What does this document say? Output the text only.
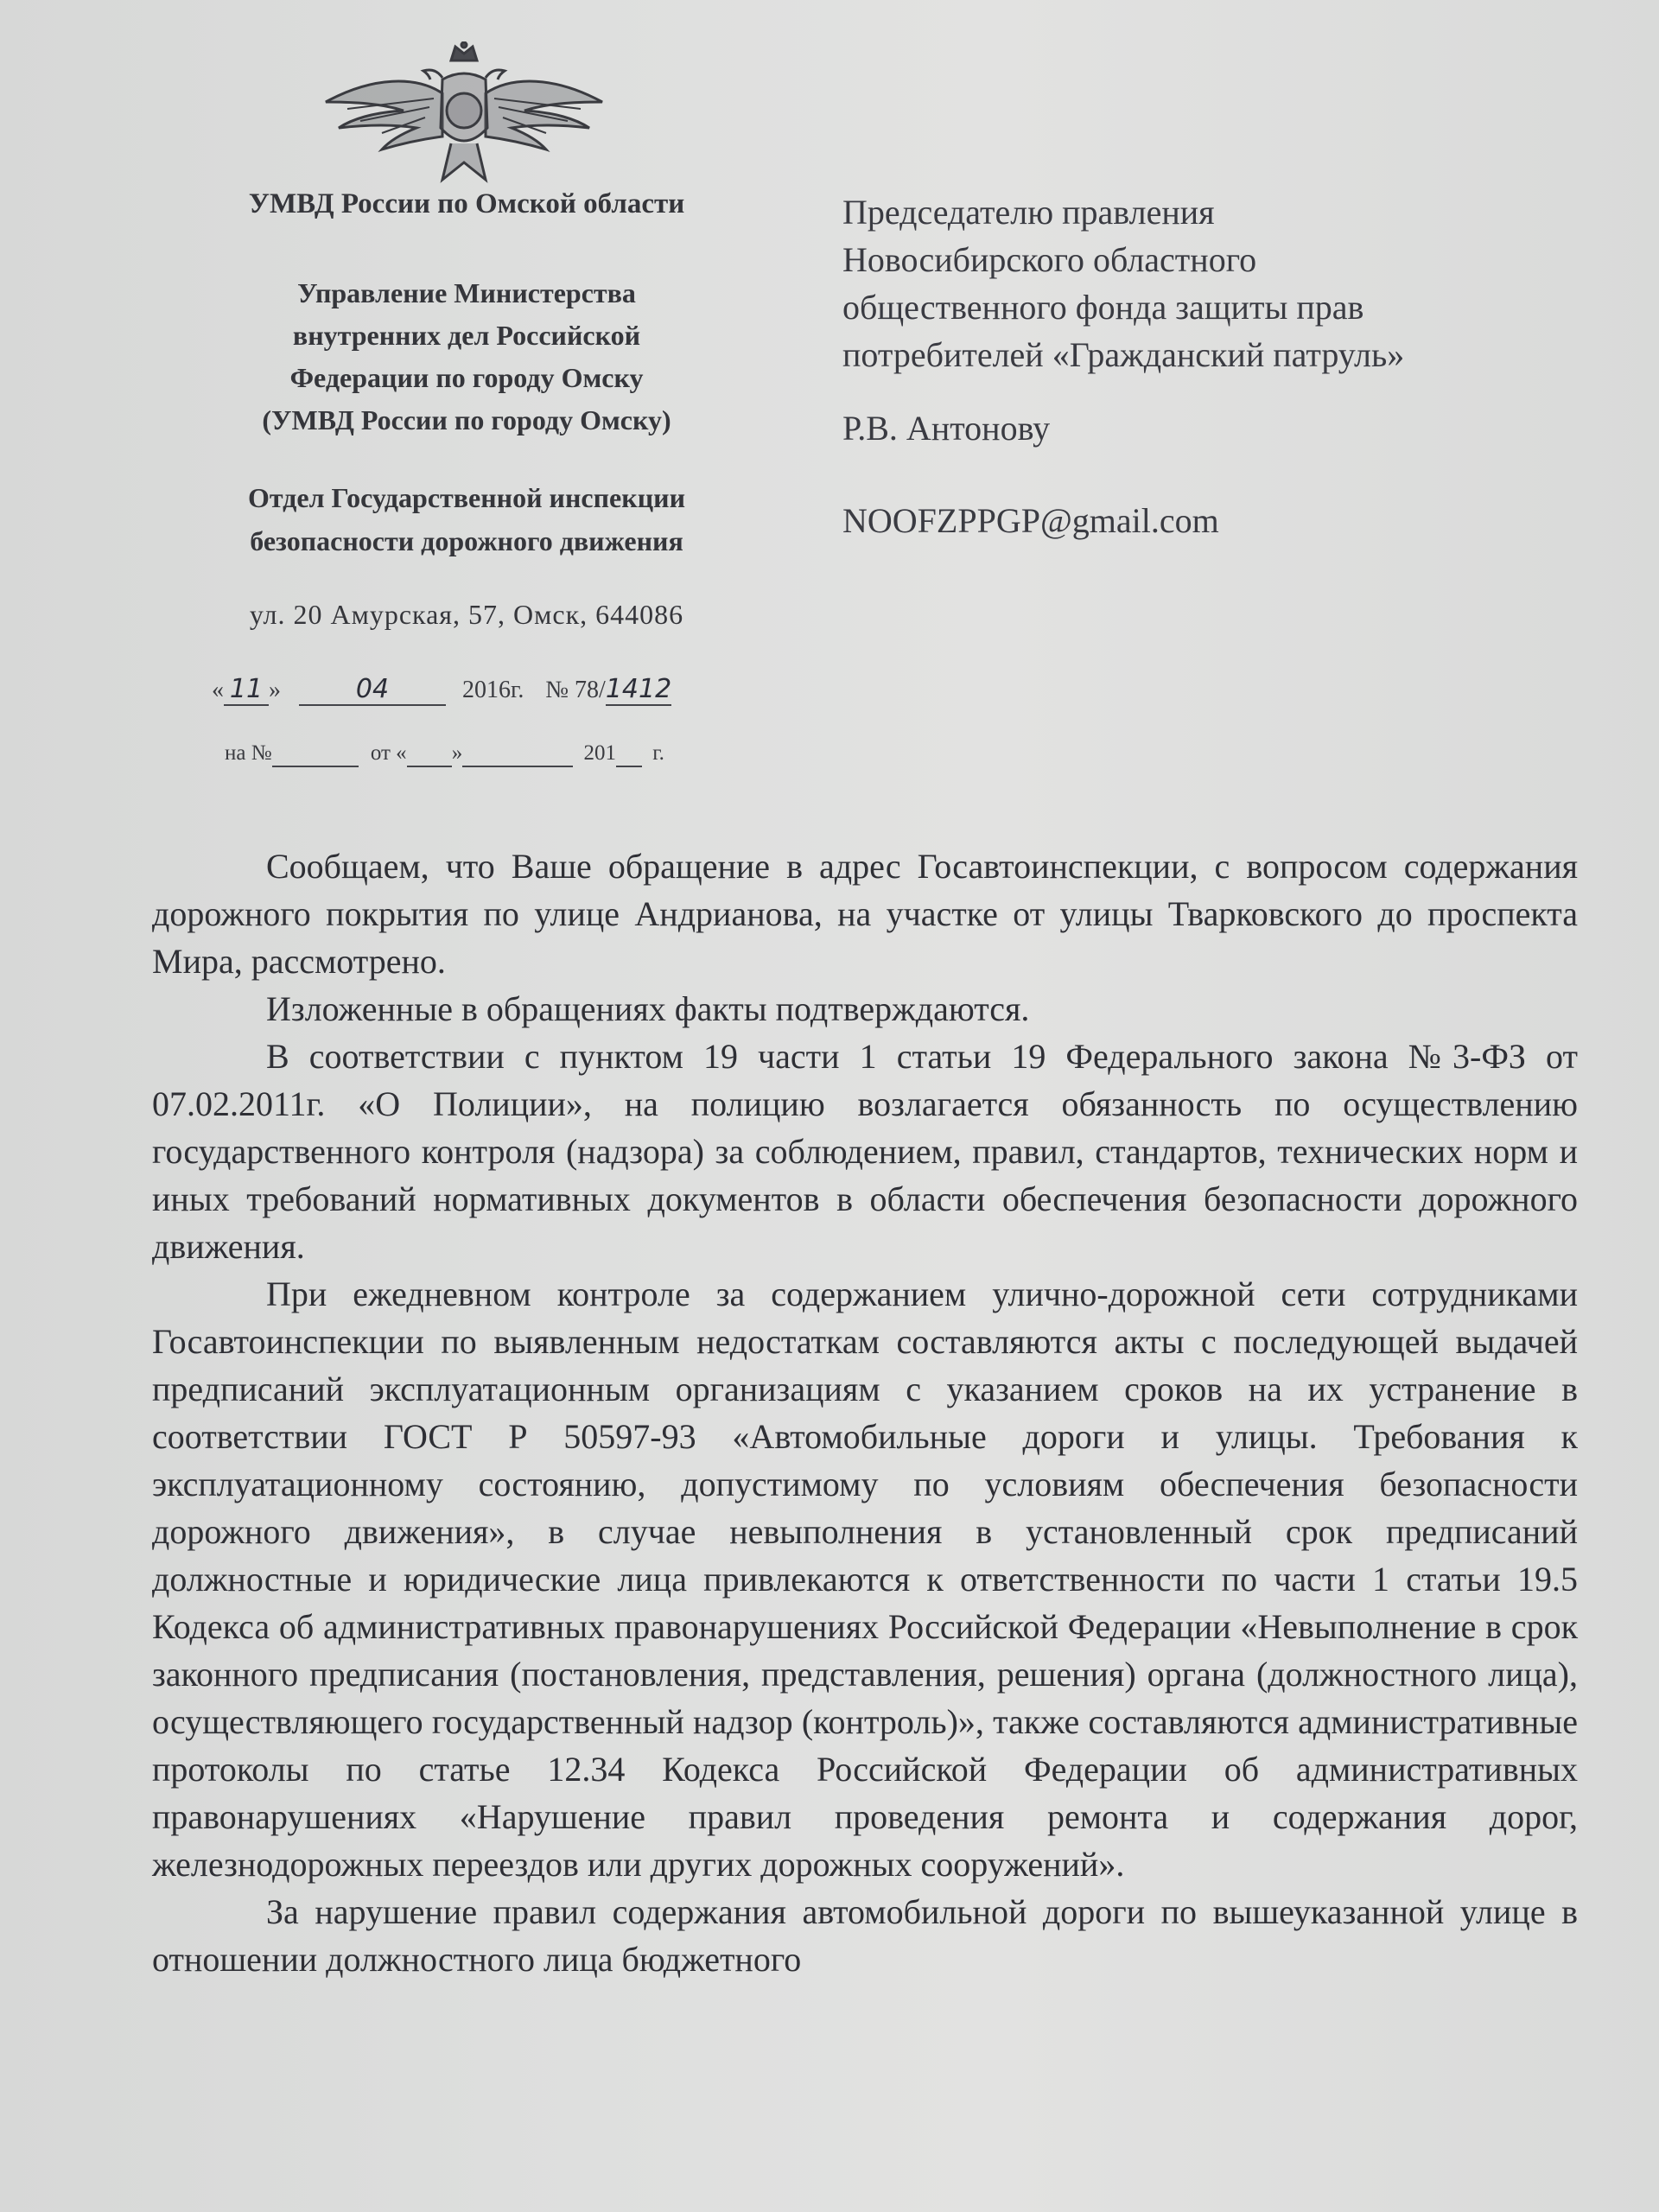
УМВД России по Омской области
Управление Министерства
внутренних дел Российской
Федерации по городу Омску
(УМВД России по городу Омску)
Отдел Государственной инспекции
безопасности дорожного движения
ул. 20 Амурская, 57, Омск, 644086
« 11 »	04	2016г. № 78/1412
на №	от « »	201 г.
Председателю правления
Новосибирского областного
общественного фонда защиты прав
потребителей «Гражданский патруль»
Р.В. Антонову
NOOFZPPGP@gmail.com

Сообщаем, что Ваше обращение в адрес Госавтоинспекции, с вопросом содержания дорожного покрытия по улице Андрианова, на участке от улицы Тварковского до проспекта Мира, рассмотрено.

Изложенные в обращениях факты подтверждаются.

В соответствии с пунктом 19 части 1 статьи 19 Федерального закона №3-ФЗ от 07.02.2011г. «О Полиции», на полицию возлагается обязанность по осуществлению государственного контроля (надзора) за соблюдением, правил, стандартов, технических норм и иных требований нормативных документов в области обеспечения безопасности дорожного движения.

При ежедневном контроле за содержанием улично-дорожной сети сотрудниками Госавтоинспекции по выявленным недостаткам составляются акты с последующей выдачей предписаний эксплуатационным организациям с указанием сроков на их устранение в соответствии ГОСТ Р 50597-93 «Автомобильные дороги и улицы. Требования к эксплуатационному состоянию, допустимому по условиям обеспечения безопасности дорожного движения», в случае невыполнения в установленный срок предписаний должностные и юридические лица привлекаются к ответственности по части 1 статьи 19.5 Кодекса об административных правонарушениях Российской Федерации «Невыполнение в срок законного предписания (постановления, представления, решения) органа (должностного лица), осуществляющего государственный надзор (контроль)», также составляются административные протоколы по статье 12.34 Кодекса Российской Федерации об административных правонарушениях «Нарушение правил проведения ремонта и содержания дорог, железнодорожных переездов или других дорожных сооружений».

За нарушение правил содержания автомобильной дороги по вышеуказанной улице в отношении должностного лица бюджетного
